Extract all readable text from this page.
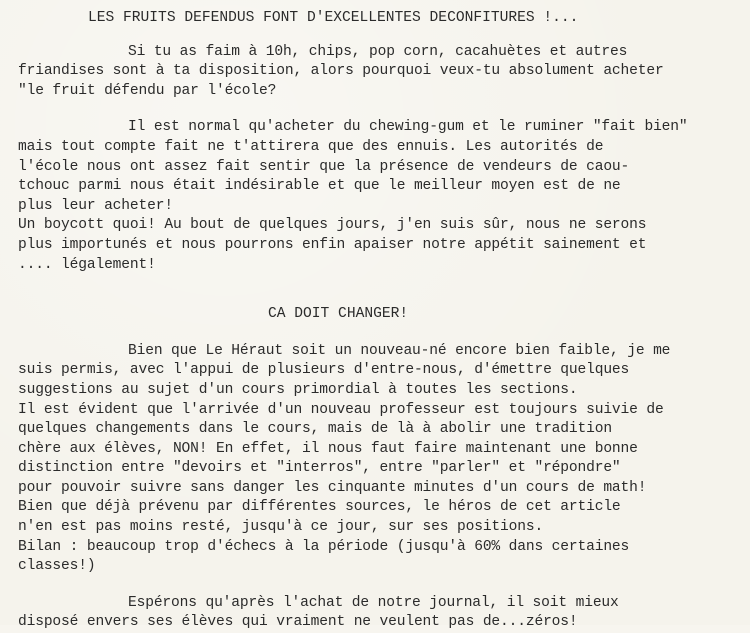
LES FRUITS DEFENDUS FONT D'EXCELLENTES DECONFITURES !...
Si tu as faim à 10h, chips, pop corn, cacahuètes et autres
friandises sont à ta disposition, alors pourquoi veux-tu absolument acheter
"le fruit défendu par l'école?
Il est normal qu'acheter du chewing-gum et le ruminer "fait bien"
mais tout compte fait ne t'attirera que des ennuis. Les autorités de
l'école nous ont assez fait sentir que la présence de vendeurs de caou-
tchouc parmi nous était indésirable et que le meilleur moyen est de ne
plus leur acheter!
Un boycott quoi! Au bout de quelques jours, j'en suis sûr, nous ne serons
plus importunés et nous pourrons enfin apaiser notre appétit sainement et
.... légalement!
CA DOIT CHANGER!
Bien que Le Héraut soit un nouveau-né encore bien faible, je me
suis permis, avec l'appui de plusieurs d'entre-nous, d'émettre quelques
suggestions au sujet d'un cours primordial à toutes les sections.
Il est évident que l'arrivée d'un nouveau professeur est toujours suivie de
quelques changements dans le cours, mais de là à abolir une tradition
chère aux élèves, NON! En effet, il nous faut faire maintenant une bonne
distinction entre "devoirs et "interros", entre "parler" et "répondre"
pour pouvoir suivre sans danger les cinquante minutes d'un cours de math!
Bien que déjà prévenu par différentes sources, le héros de cet article
n'en est pas moins resté, jusqu'à ce jour, sur ses positions.
Bilan : beaucoup trop d'échecs à la période (jusqu'à 60% dans certaines
classes!)
Espérons qu'après l'achat de notre journal, il soit mieux
disposé envers ses élèves qui vraiment ne veulent pas de...zéros!
